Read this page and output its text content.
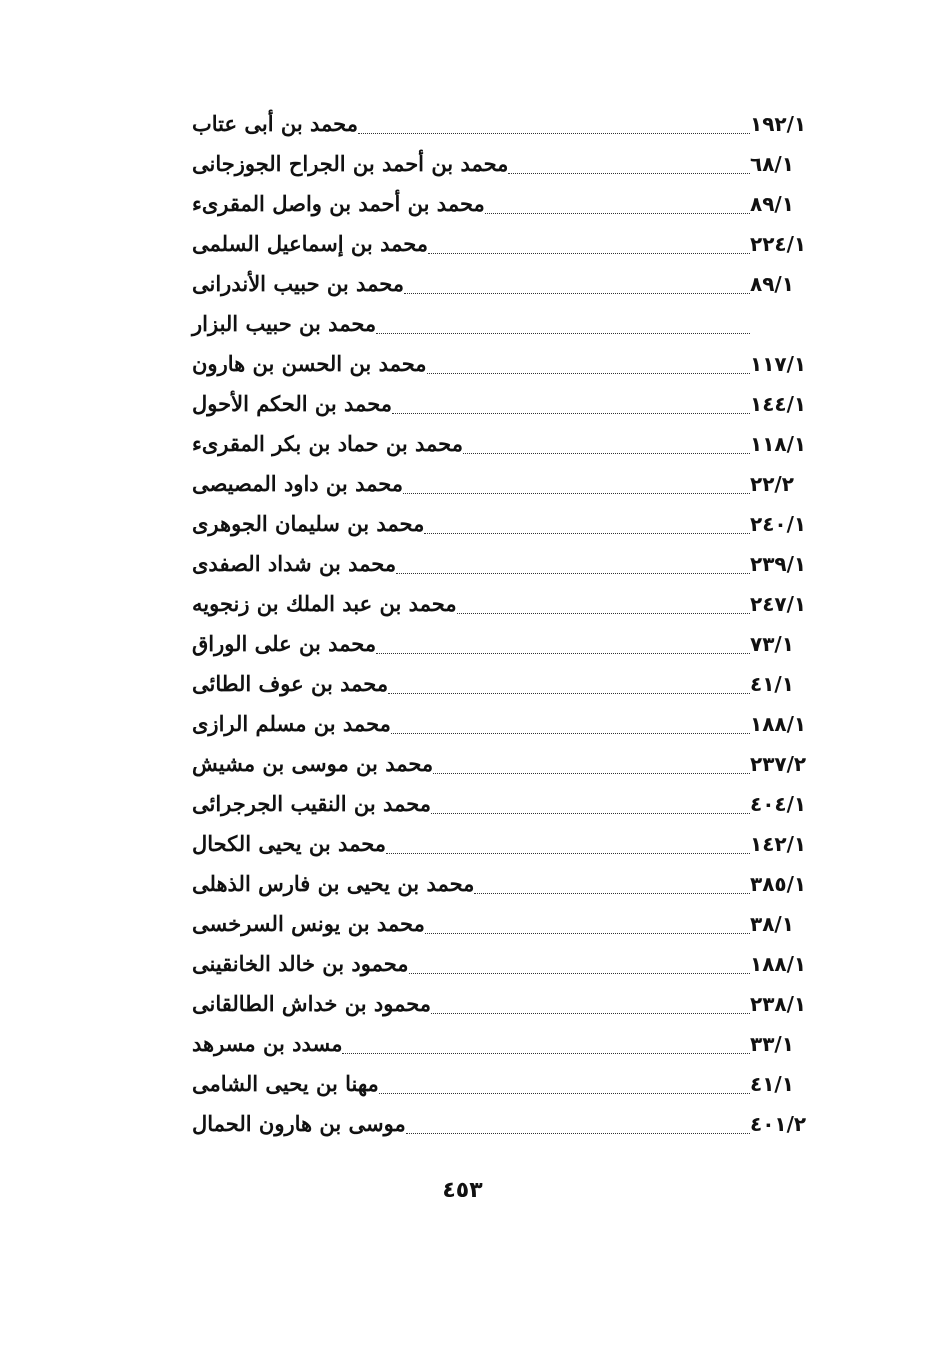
محمد بن أبى عتاب	١٩٢/١
محمد بن أحمد بن الجراح الجوزجانى	٦٨/١
محمد بن أحمد بن واصل المقرىء	٨٩/١
محمد بن إسماعيل السلمى	٢٢٤/١
محمد بن حبيب الأندرانى	٨٩/١
محمد بن حبيب البزار
محمد بن الحسن بن هارون	١١٧/١
محمد بن الحكم الأحول	١٤٤/١
محمد بن حماد بن بكر المقرىء	١١٨/١
محمد بن داود المصيصى	٢٢/٢
محمد بن سليمان الجوهرى	٢٤٠/١
محمد بن شداد الصفدى	٢٣٩/١
محمد بن عبد الملك بن زنجويه	٢٤٧/١
محمد بن على الوراق	٧٣/١
محمد بن عوف الطائى	٤١/١
محمد بن مسلم الرازى	١٨٨/١
محمد بن موسى بن مشيش	٢٣٧/٢
محمد بن النقيب الجرجرائى	٤٠٤/١
محمد بن يحيى الكحال	١٤٢/١
محمد بن يحيى بن فارس الذهلى	٣٨٥/١
محمد بن يونس السرخسى	٣٨/١
محمود بن خالد الخانقينى	١٨٨/١
محمود بن خداش الطالقانى	٢٣٨/١
مسدد بن مسرهد	٣٣/١
مهنا بن يحيى الشامى	٤١/١
موسى بن هارون الحمال	٤٠١/٢
٤٥٣
